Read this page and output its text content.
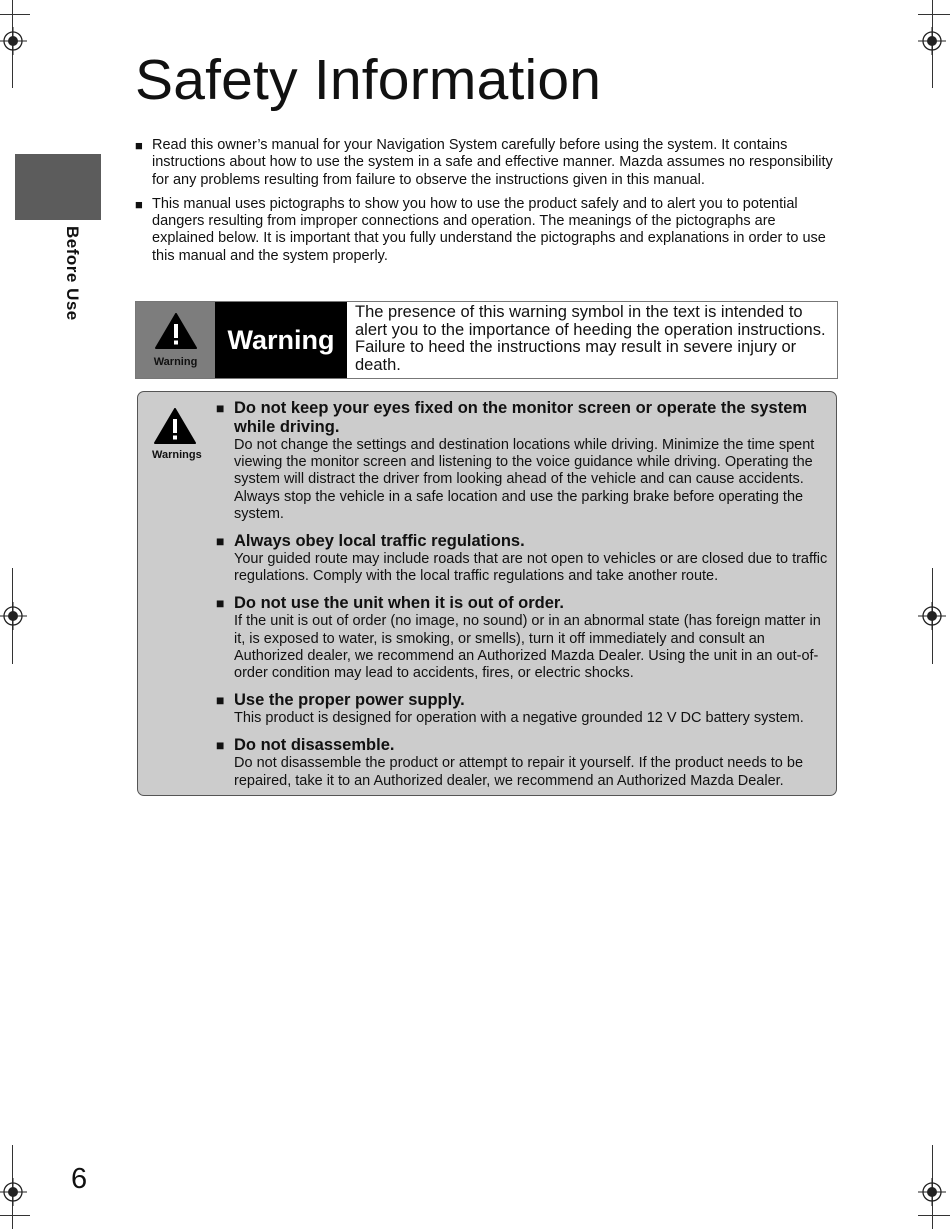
Before Use
Safety Information
■ Read this owner’s manual for your Navigation System carefully before using the system. It contains instructions about how to use the system in a safe and effective manner. Mazda assumes no responsibility for any problems resulting from failure to observe the instructions given in this manual.
■ This manual uses pictographs to show you how to use the product safely and to alert you to potential dangers resulting from improper connections and operation. The meanings of the pictographs are explained below. It is important that you fully understand the pictographs and explanations in order to use this manual and the system properly.
Warning
Warning
The presence of this warning symbol in the text is intended to alert you to the importance of heeding the operation instructions. Failure to heed the instructions may result in severe injury or death.
Warnings
■ Do not keep your eyes fixed on the monitor screen or operate the system while driving.
Do not change the settings and destination locations while driving. Minimize the time spent viewing the monitor screen and listening to the voice guidance while driving. Operating the system will distract the driver from looking ahead of the vehicle and can cause accidents. Always stop the vehicle in a safe location and use the parking brake before operating the system.
■ Always obey local traffic regulations.
Your guided route may include roads that are not open to vehicles or are closed due to traffic regulations. Comply with the local traffic regulations and take another route.
■ Do not use the unit when it is out of order.
If the unit is out of order (no image, no sound) or in an abnormal state (has foreign matter in it, is exposed to water, is smoking, or smells), turn it off immediately and consult an Authorized dealer, we recommend an Authorized Mazda Dealer. Using the unit in an out-of-order condition may lead to accidents, fires, or electric shocks.
■ Use the proper power supply.
This product is designed for operation with a negative grounded 12 V DC battery system.
■ Do not disassemble.
Do not disassemble the product or attempt to repair it yourself. If the product needs to be repaired, take it to an Authorized dealer, we recommend an Authorized Mazda Dealer.
6
